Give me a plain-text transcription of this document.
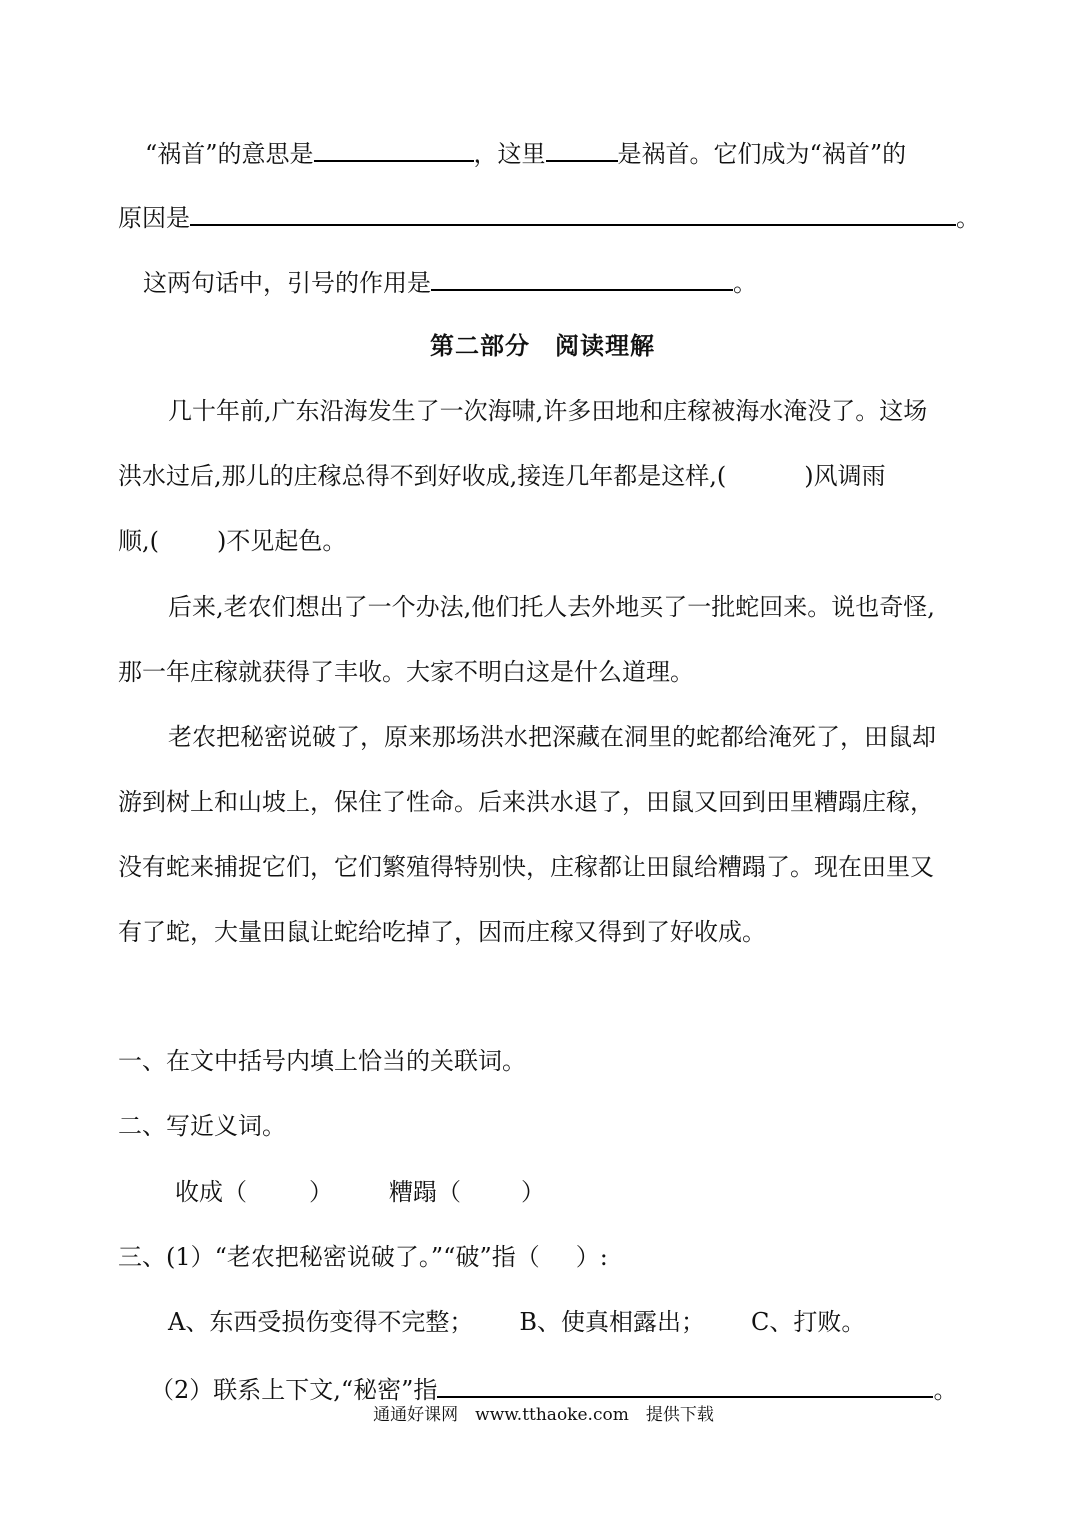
“祸首”的意思是	，这里	是祸首。它们成为“祸首”的
原因是	。
这两句话中，引号的作用是	。
第二部分　阅读理解
几十年前,广东沿海发生了一次海啸,许多田地和庄稼被海水淹没了。这场
洪水过后,那儿的庄稼总得不到好收成,接连几年都是这样,(	)风调雨
顺,( )不见起色。
后来,老农们想出了一个办法,他们托人去外地买了一批蛇回来。说也奇怪,
那一年庄稼就获得了丰收。大家不明白这是什么道理。
老农把秘密说破了，原来那场洪水把深藏在洞里的蛇都给淹死了，田鼠却
游到树上和山坡上，保住了性命。后来洪水退了，田鼠又回到田里糟蹋庄稼，
没有蛇来捕捉它们，它们繁殖得特别快，庄稼都让田鼠给糟蹋了。现在田里又
有了蛇，大量田鼠让蛇给吃掉了，因而庄稼又得到了好收成。
一、在文中括号内填上恰当的关联词。
二、写近义词。
收成（	） 糟蹋（	）
三、(1）“老农把秘密说破了。”“破”指（ ）:
A、东西受损伤变得不完整； B、使真相露出； C、打败。
（2）联系上下文,“秘密”指	。
通通好课网　www.tthaoke.com　提供下载
